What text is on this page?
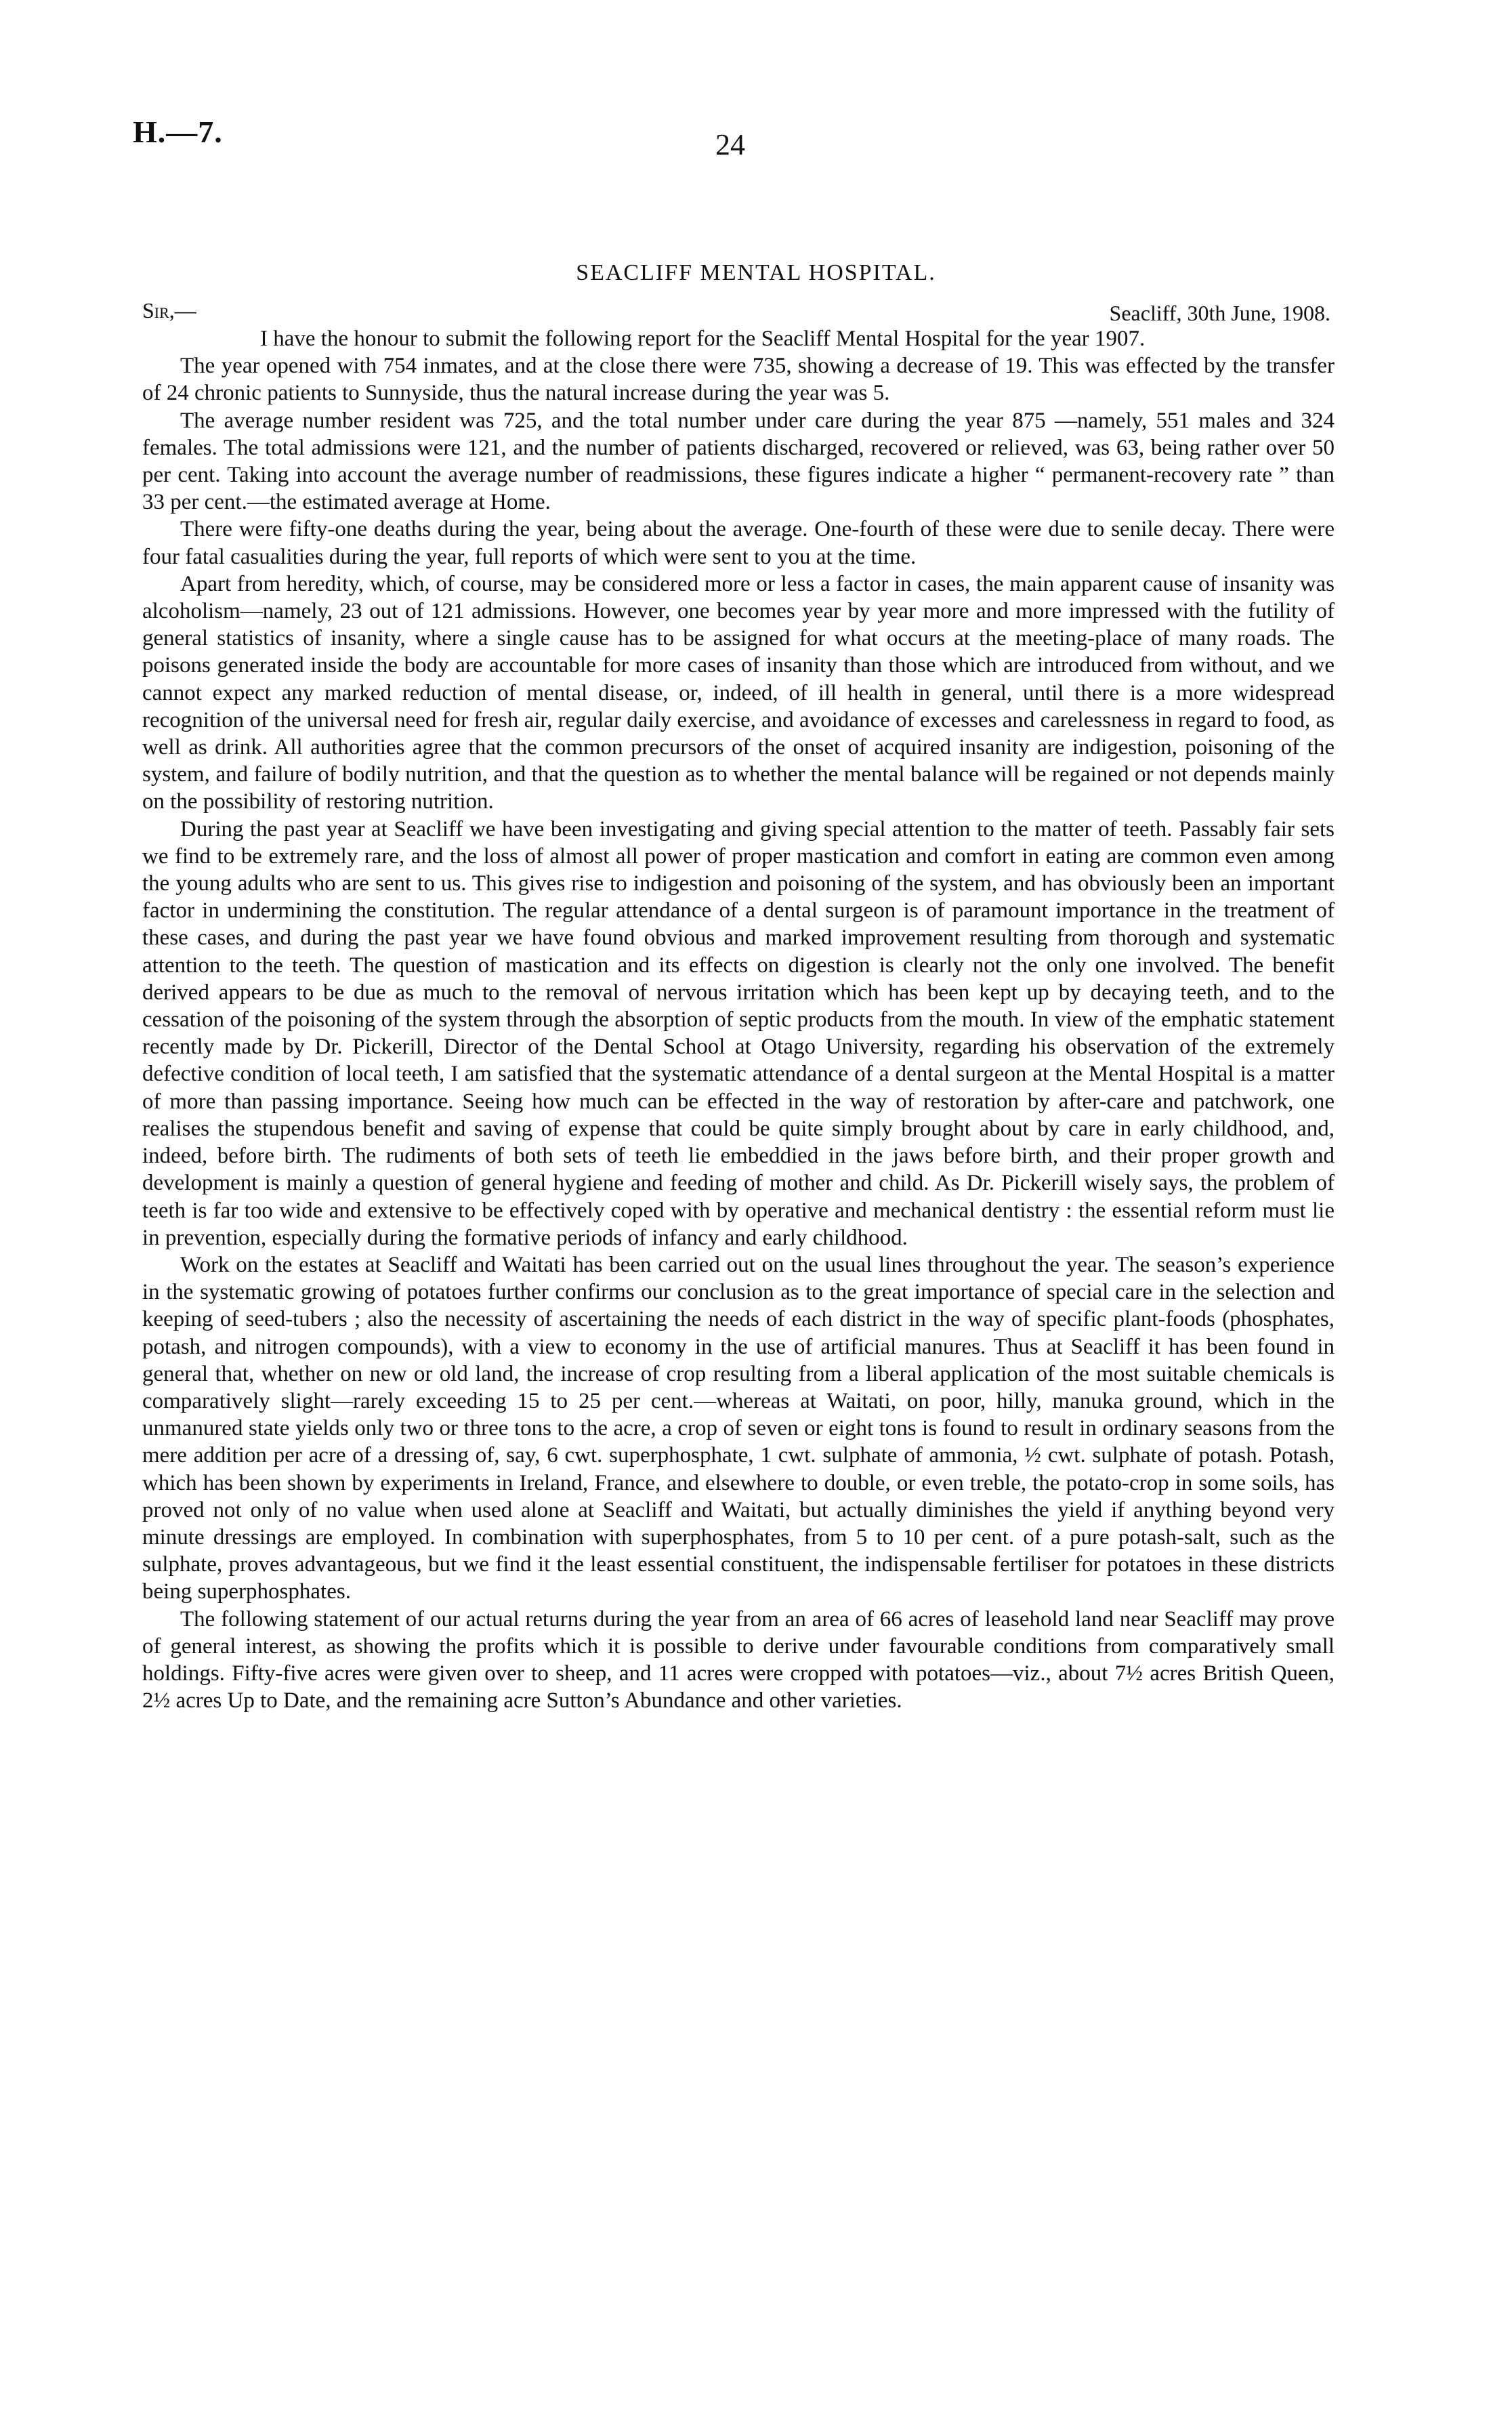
H.—7.	24
SEACLIFF MENTAL HOSPITAL.
Sir,—	Seacliff, 30th June, 1908.

I have the honour to submit the following report for the Seacliff Mental Hospital for the year 1907.

The year opened with 754 inmates, and at the close there were 735, showing a decrease of 19. This was effected by the transfer of 24 chronic patients to Sunnyside, thus the natural increase during the year was 5.

The average number resident was 725, and the total number under care during the year 875 —namely, 551 males and 324 females. The total admissions were 121, and the number of patients discharged, recovered or relieved, was 63, being rather over 50 per cent. Taking into account the average number of readmissions, these figures indicate a higher “ permanent-recovery rate ” than 33 per cent.—the estimated average at Home.

There were fifty-one deaths during the year, being about the average. One-fourth of these were due to senile decay. There were four fatal casualities during the year, full reports of which were sent to you at the time.

Apart from heredity, which, of course, may be considered more or less a factor in cases, the main apparent cause of insanity was alcoholism—namely, 23 out of 121 admissions. However, one becomes year by year more and more impressed with the futility of general statistics of insanity, where a single cause has to be assigned for what occurs at the meeting-place of many roads. The poisons generated inside the body are accountable for more cases of insanity than those which are introduced from without, and we cannot expect any marked reduction of mental disease, or, indeed, of ill health in general, until there is a more widespread recognition of the universal need for fresh air, regular daily exercise, and avoidance of excesses and carelessness in regard to food, as well as drink. All authorities agree that the common precursors of the onset of acquired insanity are indigestion, poisoning of the system, and failure of bodily nutrition, and that the question as to whether the mental balance will be regained or not depends mainly on the possibility of restoring nutrition.

During the past year at Seacliff we have been investigating and giving special attention to the matter of teeth. Passably fair sets we find to be extremely rare, and the loss of almost all power of proper mastication and comfort in eating are common even among the young adults who are sent to us. This gives rise to indigestion and poisoning of the system, and has obviously been an important factor in undermining the constitution. The regular attendance of a dental surgeon is of paramount importance in the treatment of these cases, and during the past year we have found obvious and marked improvement resulting from thorough and systematic attention to the teeth. The question of mastication and its effects on digestion is clearly not the only one involved. The benefit derived appears to be due as much to the removal of nervous irritation which has been kept up by decaying teeth, and to the cessation of the poisoning of the system through the absorption of septic products from the mouth. In view of the emphatic statement recently made by Dr. Pickerill, Director of the Dental School at Otago University, regarding his observation of the extremely defective condition of local teeth, I am satisfied that the systematic attendance of a dental surgeon at the Mental Hospital is a matter of more than passing importance. Seeing how much can be effected in the way of restoration by after-care and patchwork, one realises the stupendous benefit and saving of expense that could be quite simply brought about by care in early childhood, and, indeed, before birth. The rudiments of both sets of teeth lie embeddied in the jaws before birth, and their proper growth and development is mainly a question of general hygiene and feeding of mother and child. As Dr. Pickerill wisely says, the problem of teeth is far too wide and extensive to be effectively coped with by operative and mechanical dentistry : the essential reform must lie in prevention, especially during the formative periods of infancy and early childhood.

Work on the estates at Seacliff and Waitati has been carried out on the usual lines throughout the year. The season’s experience in the systematic growing of potatoes further confirms our conclusion as to the great importance of special care in the selection and keeping of seed-tubers ; also the necessity of ascertaining the needs of each district in the way of specific plant-foods (phosphates, potash, and nitrogen compounds), with a view to economy in the use of artificial manures. Thus at Seacliff it has been found in general that, whether on new or old land, the increase of crop resulting from a liberal application of the most suitable chemicals is comparatively slight—rarely exceeding 15 to 25 per cent.—whereas at Waitati, on poor, hilly, manuka ground, which in the unmanured state yields only two or three tons to the acre, a crop of seven or eight tons is found to result in ordinary seasons from the mere addition per acre of a dressing of, say, 6 cwt. superphosphate, 1 cwt. sulphate of ammonia, ½ cwt. sulphate of potash. Potash, which has been shown by experiments in Ireland, France, and elsewhere to double, or even treble, the potato-crop in some soils, has proved not only of no value when used alone at Seacliff and Waitati, but actually diminishes the yield if anything beyond very minute dressings are employed. In combination with superphosphates, from 5 to 10 per cent. of a pure potash-salt, such as the sulphate, proves advantageous, but we find it the least essential constituent, the indispensable fertiliser for potatoes in these districts being superphosphates.

The following statement of our actual returns during the year from an area of 66 acres of leasehold land near Seacliff may prove of general interest, as showing the profits which it is possible to derive under favourable conditions from comparatively small holdings. Fifty-five acres were given over to sheep, and 11 acres were cropped with potatoes—viz., about 7½ acres British Queen, 2½ acres Up to Date, and the remaining acre Sutton’s Abundance and other varieties.
